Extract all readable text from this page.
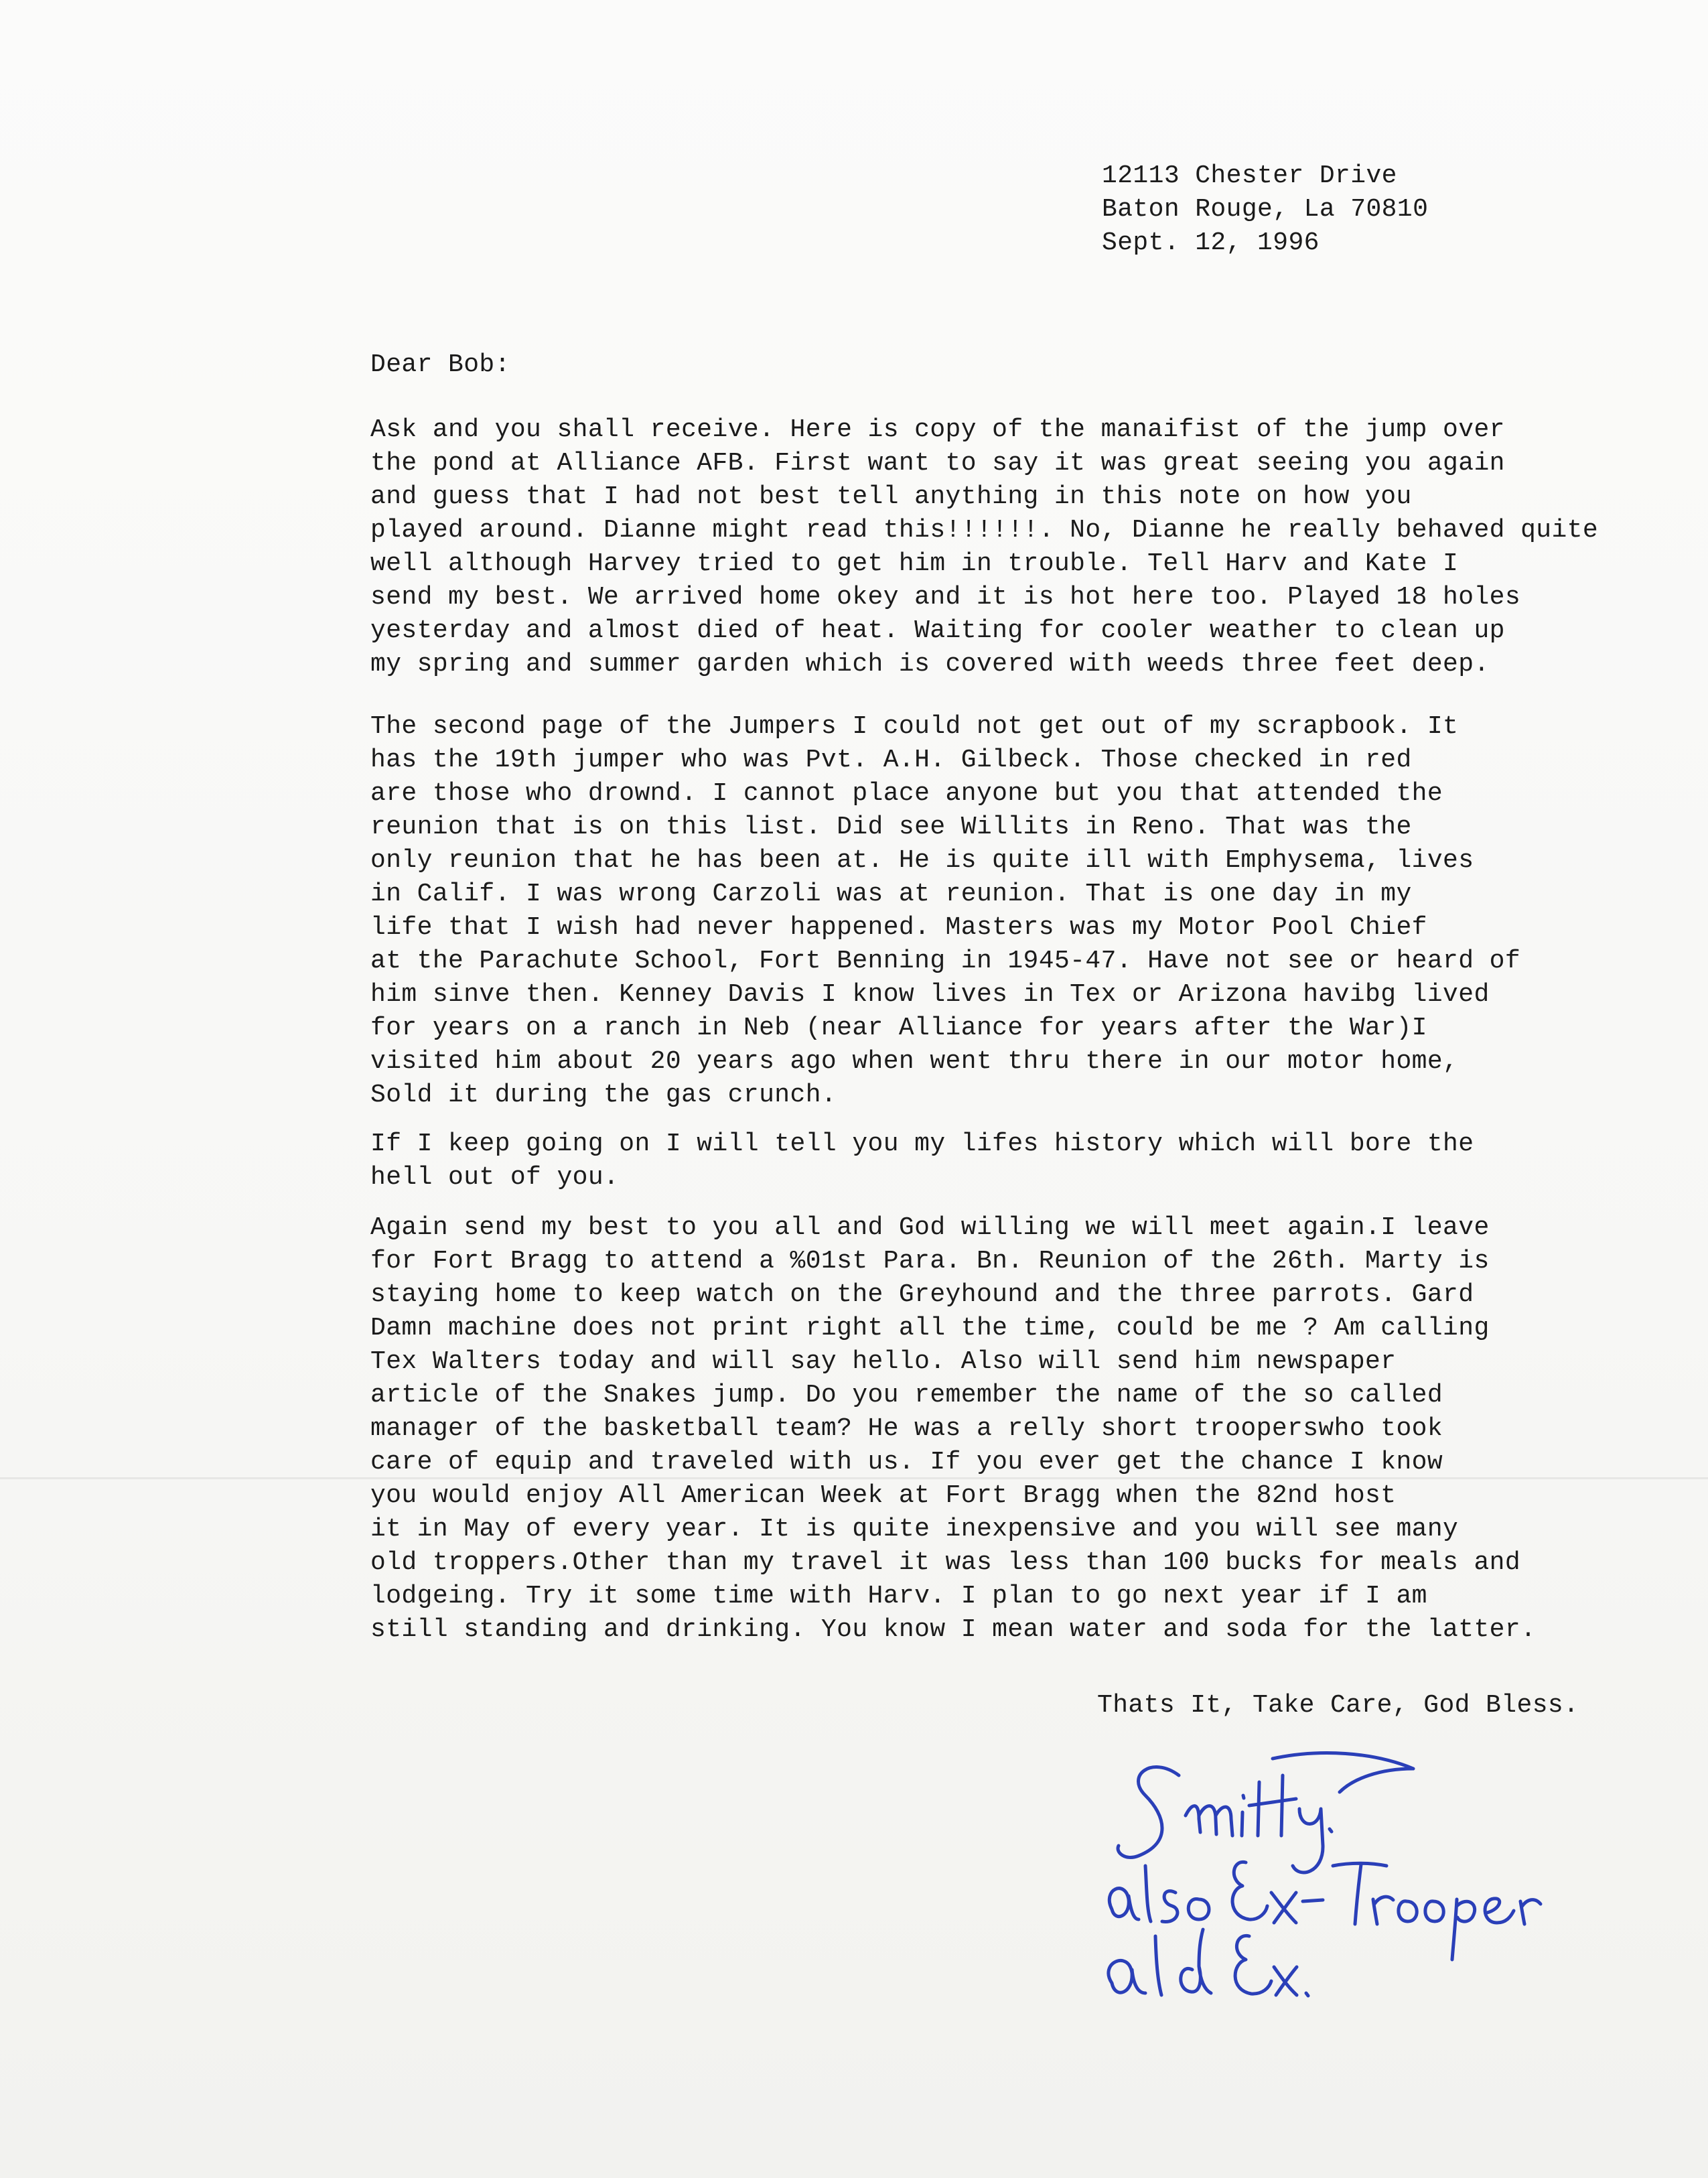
12113 Chester Drive
Baton Rouge, La 70810
Sept. 12, 1996
Dear Bob:
Ask and you shall receive. Here is copy of the manaifist of the jump over
the pond at Alliance AFB. First want to say it was great seeing you again
and guess that I had not best tell anything in this note on how you
played around. Dianne might read this!!!!!!. No, Dianne he really behaved quite
well although Harvey tried to get him in trouble. Tell Harv and Kate I
send my best. We arrived home okey and it is hot here too. Played 18 holes
yesterday and almost died of heat. Waiting for cooler weather to clean up
my spring and summer garden which is covered with weeds three feet deep.
The second page of the Jumpers I could not get out of my scrapbook. It
has the 19th jumper who was Pvt. A.H. Gilbeck. Those checked in red
are those who drownd. I cannot place anyone but you that attended the
reunion that is on this list. Did see Willits in Reno. That was the
only reunion that he has been at. He is quite ill with Emphysema, lives
in Calif. I was wrong Carzoli was at reunion. That is one day in my
life that I wish had never happened. Masters was my Motor Pool Chief
at the Parachute School, Fort Benning in 1945-47. Have not see or heard of
him sinve then. Kenney Davis I know lives in Tex or Arizona havibg lived
for years on a ranch in Neb (near Alliance for years after the War)I
visited him about 20 years ago when went thru there in our motor home,
Sold it during the gas crunch.
If I keep going on I will tell you my lifes history which will bore the
hell out of you.
Again send my best to you all and God willing we will meet again.I leave
for Fort Bragg to attend a %01st Para. Bn. Reunion of the 26th. Marty is
staying home to keep watch on the Greyhound and the three parrots. Gard
Damn machine does not print right all the time, could be me ? Am calling
Tex Walters today and will say hello. Also will send him newspaper
article of the Snakes jump. Do you remember the name of the so called
manager of the basketball team? He was a relly short trooperswho took
care of equip and traveled with us. If you ever get the chance I know
you would enjoy All American Week at Fort Bragg when the 82nd host
it in May of every year. It is quite inexpensive and you will see many
old troppers.Other than my travel it was less than 100 bucks for meals and
lodgeing. Try it some time with Harv. I plan to go next year if I am
still standing and drinking. You know I mean water and soda for the latter.
Thats It, Take Care, God Bless.
